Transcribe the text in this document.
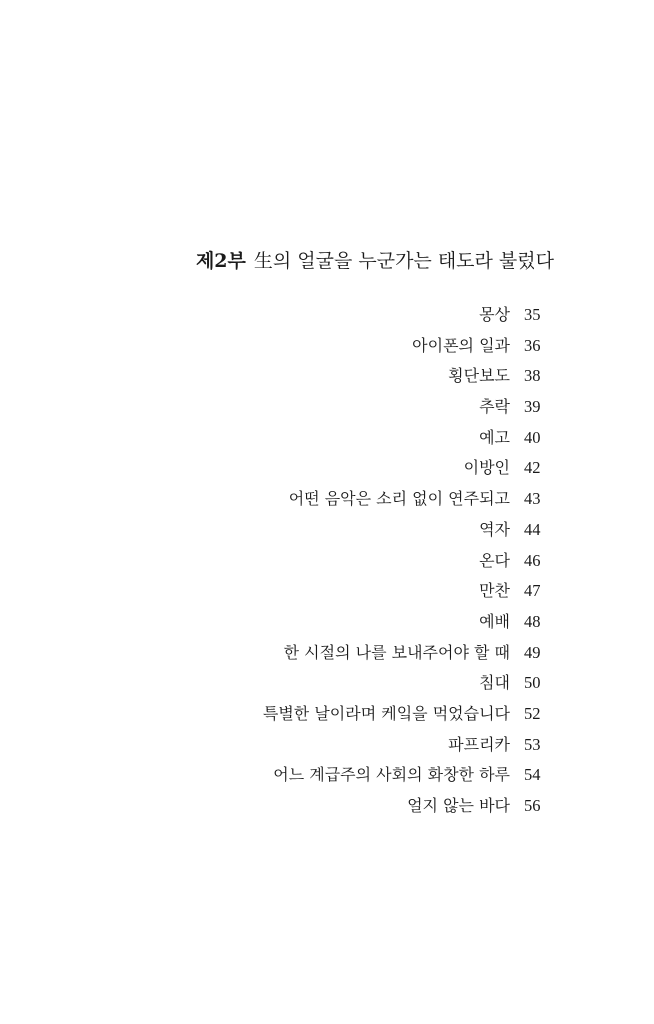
제2부 生의 얼굴을 누군가는 태도라 불렀다
몽상 35
아이폰의 일과 36
횡단보도 38
추락 39
예고 40
이방인 42
어떤 음악은 소리 없이 연주되고 43
역자 44
온다 46
만찬 47
예배 48
한 시절의 나를 보내주어야 할 때 49
침대 50
특별한 날이라며 케잌을 먹었습니다 52
파프리카 53
어느 계급주의 사회의 화창한 하루 54
얼지 않는 바다 56
